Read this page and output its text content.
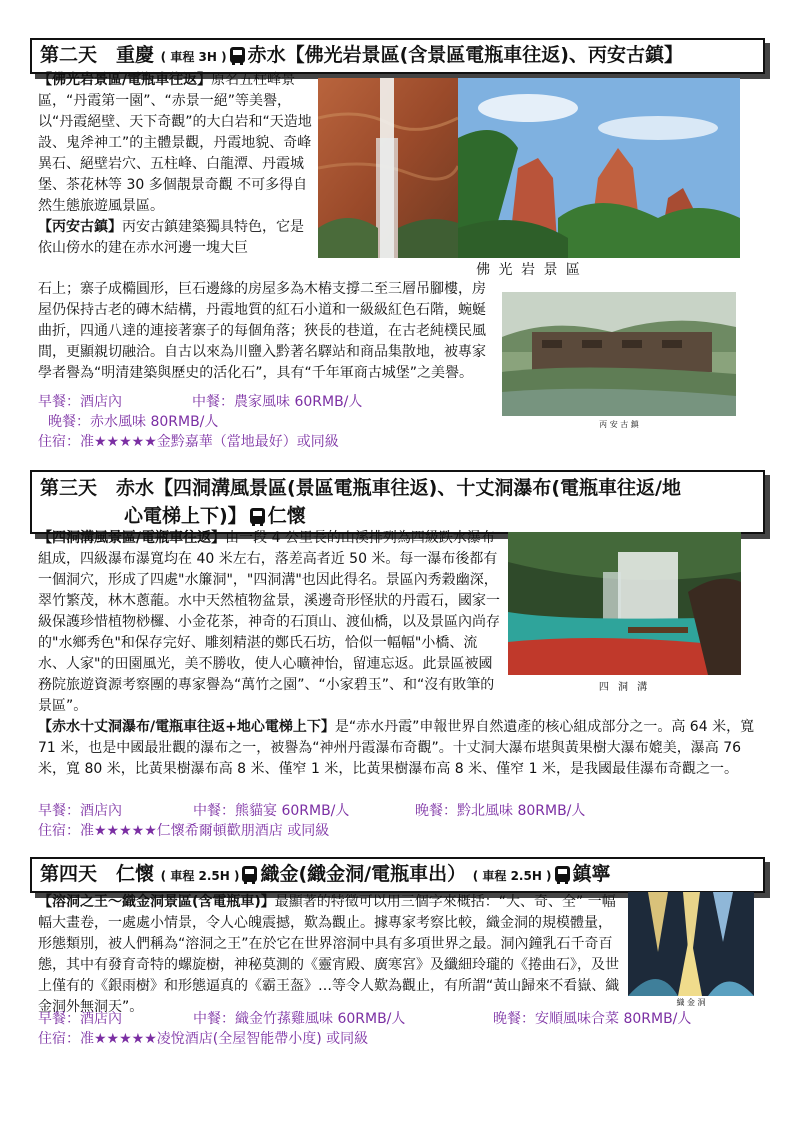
第二天　 重慶 ( 車程 3H ) 赤水【佛光岩景區(含景區電瓶車往返)、丙安古鎮】
【佛光岩景區/電瓶車往返】原名五柱峰景區，“丹霞第一園”、“赤景一絕”等美譽，以“丹霞絕壁、天下奇觀”的大白岩和“天造地設、鬼斧神工”的主體景觀，丹霞地貌、奇峰異石、絕壁岩穴、五柱峰、白龍潭、丹霞城堡、茶花林等 30 多個靚景奇觀 不可多得自然生態旅遊風景區。
【丙安古鎮】丙安古鎮建築獨具特色，它是依山傍水的建在赤水河邊一塊大巨
佛 光 岩 景 區
石上；寨子成橢圓形，巨石邊緣的房屋多為木樁支撐二至三層吊腳樓，房屋仍保持古老的磚木結構，丹霞地質的紅石小道和一級級紅色石階，蜿蜒曲折，四通八達的連接著寨子的每個角落；狹長的巷道，在古老純樸民風間，更顯親切融洽。自古以來為川鹽入黔著名驛站和商品集散地，被專家學者譽為“明清建築與歷史的活化石”，具有“千年軍商古城堡”之美譽。
丙 安 古 鎮
早餐：酒店內	中餐：農家風味 60RMB/人
晚餐：赤水風味 80RMB/人
住宿：准★★★★★金黔嘉華（當地最好）或同級
第三天　赤水【四洞溝風景區(景區電瓶車往返)、十丈洞瀑布(電瓶車往返/地
心電梯上下)】 仁懷
【四洞溝風景區/電瓶車往返】由一段 4 公里長的山溪排列為四級跌水瀑布組成，四級瀑布瀑寬均在 40 米左右，落差高者近 50 米。每一瀑布後都有一個洞穴，形成了四處"水簾洞"，"四洞溝"也因此得名。景區內秀穀幽深，翠竹繁茂，林木蔥蘢。水中天然植物盆景，溪邊奇形怪狀的丹霞石，國家一級保護珍惜植物桫欏、小金花茶，神奇的石頂山、渡仙橋，以及景區內尚存的"水鄉秀色"和保存完好、雕刻精湛的鄭氏石坊，恰似一幅幅"小橋、流水、人家"的田園風光，美不勝收，使人心曠神怡，留連忘返。此景區被國務院旅遊資源考察團的專家譽為“萬竹之園”、“小家碧玉”、和“沒有敗筆的景區”。
四 洞 溝
【赤水十丈洞瀑布/電瓶車往返+地心電梯上下】是“赤水丹霞”申報世界自然遺產的核心組成部分之一。高 64 米，寬 71 米，也是中國最壯觀的瀑布之一，被譽為“神州丹霞瀑布奇觀”。十丈洞大瀑布堪與黃果樹大瀑布媲美，瀑高 76 米，寬 80 米，比黃果樹瀑布高 8 米、僅窄 1 米，比黃果樹瀑布高 8 米、僅窄 1 米，是我國最佳瀑布奇觀之一。
早餐：酒店內	中餐：熊貓宴 60RMB/人	晚餐：黔北風味 80RMB/人
住宿：准★★★★★仁懷希爾頓歡朋酒店 或同級
第四天　 仁懷 ( 車程 2.5H ) 織金(織金洞/電瓶車出） ( 車程 2.5H ) 鎮寧
【溶洞之王～織金洞景區(含電瓶車)】最顯著的特徵可以用三個字來概括：“大、奇、全” 一幅幅大畫卷，一處處小情景，令人心魄震撼，歎為觀止。據專家考察比較，織金洞的規模體量，形態類別，被人們稱為“溶洞之王”在於它在世界溶洞中具有多項世界之最。洞內鐘乳石千奇百態，其中有發育奇特的螺旋樹，神秘莫測的《靈宵殿、廣寒宮》及纖細玲瓏的《捲曲石》，及世上僅有的《銀雨樹》和形態逼真的《霸王盔》…等令人歎為觀止，有所謂“黃山歸來不看嶽、織金洞外無洞天”。	織 金 洞
早餐：酒店內	中餐：織金竹蓀雞風味 60RMB/人	晚餐：安順風味合菜 80RMB/人
住宿：准★★★★★凌悅酒店(全屋智能帶小度) 或同級
